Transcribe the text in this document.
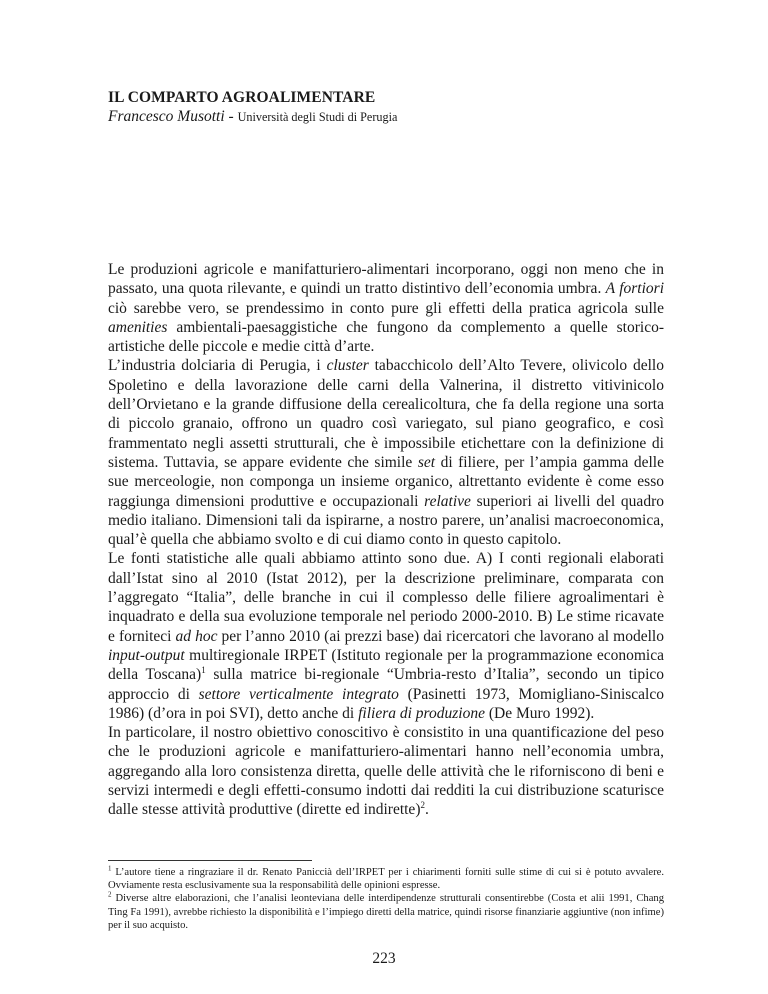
IL COMPARTO AGROALIMENTARE
Francesco Musotti - Università degli Studi di Perugia

Le produzioni agricole e manifatturiero-alimentari incorporano, oggi non meno che in passato, una quota rilevante, e quindi un tratto distintivo dell’economia umbra. A fortiori ciò sarebbe vero, se prendessimo in conto pure gli effetti della pratica agricola sulle amenities ambientali-paesaggistiche che fungono da complemento a quelle storico-artistiche delle piccole e medie città d’arte.

L’industria dolciaria di Perugia, i cluster tabacchicolo dell’Alto Tevere, olivicolo dello Spoletino e della lavorazione delle carni della Valnerina, il distretto vitivinicolo dell’Orvietano e la grande diffusione della cerealicoltura, che fa della regione una sorta di piccolo granaio, offrono un quadro così variegato, sul piano geografico, e così frammentato negli assetti strutturali, che è impossibile etichettare con la definizione di sistema. Tuttavia, se appare evidente che simile set di filiere, per l’ampia gamma delle sue merceologie, non componga un insieme organico, altrettanto evidente è come esso raggiunga dimensioni produttive e occupazionali relative superiori ai livelli del quadro medio italiano. Dimensioni tali da ispirarne, a nostro parere, un’analisi macroeconomica, qual’è quella che abbiamo svolto e di cui diamo conto in questo capitolo.

Le fonti statistiche alle quali abbiamo attinto sono due. A) I conti regionali elaborati dall’Istat sino al 2010 (Istat 2012), per la descrizione preliminare, comparata con l’aggregato “Italia”, delle branche in cui il complesso delle filiere agroalimentari è inquadrato e della sua evoluzione temporale nel periodo 2000-2010. B) Le stime ricavate e forniteci ad hoc per l’anno 2010 (ai prezzi base) dai ricercatori che lavorano al modello input-output multiregionale IRPET (Istituto regionale per la programmazione economica della Toscana)$^1$ sulla matrice bi-regionale “Umbria-resto d’Italia”, secondo un tipico approccio di settore verticalmente integrato (Pasinetti 1973, Momigliano-Siniscalco 1986) (d’ora in poi SVI), detto anche di filiera di produzione (De Muro 1992).

In particolare, il nostro obiettivo conoscitivo è consistito in una quantificazione del peso che le produzioni agricole e manifatturiero-alimentari hanno nell’economia umbra, aggregando alla loro consistenza diretta, quelle delle attività che le riforniscono di beni e servizi intermedi e degli effetti-consumo indotti dai redditi la cui distribuzione scaturisce dalle stesse attività produttive (dirette ed indirette)$^2$.

$^1$ L’autore tiene a ringraziare il dr. Renato Paniccià dell’IRPET per i chiarimenti forniti sulle stime di cui si è potuto avvalere. Ovviamente resta esclusivamente sua la responsabilità delle opinioni espresse.

$^2$ Diverse altre elaborazioni, che l’analisi leonteviana delle interdipendenze strutturali consentirebbe (Costa et alii 1991, Chang Ting Fa 1991), avrebbe richiesto la disponibilità e l’impiego diretti della matrice, quindi risorse finanziarie aggiuntive (non infime) per il suo acquisto.

223
